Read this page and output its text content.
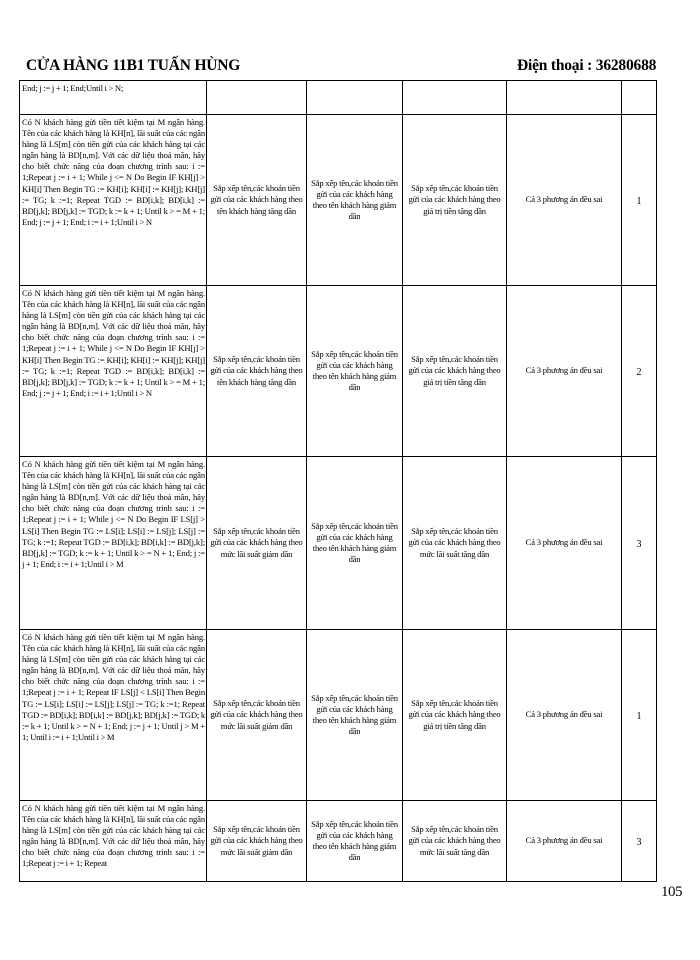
CỬA HÀNG 11B1 TUẤN HÙNG	Điện thoại : 36280688
End; j := j + 1; End;Until i > N;					

Có N khách hàng gửi tiền tiết kiệm tại M ngân hàng. Tên của các khách hàng là KH[n], lãi suất của các ngân hàng là LS[m] còn tiền gửi của các khách hàng tại các ngân hàng là BD[n,m]. Với các dữ liệu thoả mãn, hãy cho biết chức năng của đoạn chương trình sau: i := 1;Repeat j := i + 1; While j <= N Do Begin IF KH[j] > KH[i] Then Begin TG := KH[i]; KH[i] := KH[j]; KH[j] := TG; k :=1; Repeat TGD := BD[i,k]; BD[i,k] := BD[j,k]; BD[j,k] := TGD; k := k + 1; Until k > = M + 1; End; j := j + 1; End; i := i + 1;Until i > N	Sắp xếp tên,các khoản tiền gửi của các khách hàng theo tên khách hàng tăng dần	Sắp xếp tên,các khoản tiền gửi của các khách hàng theo tên khách hàng giảm dần	Sắp xếp tên,các khoản tiền gửi của các khách hàng theo giá trị tiền tăng dần	Cả 3 phương án đều sai	1

Có N khách hàng gửi tiền tiết kiệm tại M ngân hàng. Tên của các khách hàng là KH[n], lãi suất của các ngân hàng là LS[m] còn tiền gửi của các khách hàng tại các ngân hàng là BD[n,m]. Với các dữ liệu thoả mãn, hãy cho biết chức năng của đoạn chương trình sau: i := 1;Repeat j := i + 1; While j <= N Do Begin IF KH[j] > KH[i] Then Begin TG := KH[i]; KH[i] := KH[j]; KH[j] := TG; k :=1; Repeat TGD := BD[i,k]; BD[i,k] := BD[j,k]; BD[j,k] := TGD; k := k + 1; Until k > = M + 1; End; j := j + 1; End; i := i + 1;Until i > N	Sắp xếp tên,các khoản tiền gửi của các khách hàng theo tên khách hàng tăng dần	Sắp xếp tên,các khoản tiền gửi của các khách hàng theo tên khách hàng giảm dần	Sắp xếp tên,các khoản tiền gửi của các khách hàng theo giá trị tiền tăng dần	Cả 3 phương án đều sai	2

Có N khách hàng gửi tiền tiết kiệm tại M ngân hàng. Tên của các khách hàng là KH[n], lãi suất của các ngân hàng là LS[m] còn tiền gửi của các khách hàng tại các ngân hàng là BD[n,m]. Với các dữ liệu thoả mãn, hãy cho biết chức năng của đoạn chương trình sau: i := 1;Repeat j := i + 1; While j <= N Do Begin IF LS[j] > LS[i] Then Begin TG := LS[i]; LS[i] := LS[j]; LS[j] := TG; k :=1; Repeat TGD := BD[i,k]; BD[i,k] := BD[j,k]; BD[j,k] := TGD; k := k + 1; Until k > = N + 1; End; j := j + 1; End; i := i + 1;Until i > M	Sắp xếp tên,các khoản tiền gửi của các khách hàng theo mức lãi suất giảm dần	Sắp xếp tên,các khoản tiền gửi của các khách hàng theo tên khách hàng giảm dần	Sắp xếp tên,các khoản tiền gửi của các khách hàng theo mức lãi suất tăng dần	Cả 3 phương án đều sai	3

Có N khách hàng gửi tiền tiết kiệm tại M ngân hàng. Tên của các khách hàng là KH[n], lãi suất của các ngân hàng là LS[m] còn tiền gửi của các khách hàng tại các ngân hàng là BD[n,m]. Với các dữ liệu thoả mãn, hãy cho biết chức năng của đoạn chương trình sau: i := 1;Repeat j := i + 1; Repeat IF LS[j] < LS[i] Then Begin TG := LS[i]; LS[i] := LS[j]; LS[j] := TG; k :=1; Repeat TGD := BD[i,k]; BD[i,k] := BD[j,k]; BD[j,k] := TGD; k := k + 1; Until k > = N + 1; End; j := j + 1; Until j > M + 1; Until i := i + 1;Until i > M	Sắp xếp tên,các khoản tiền gửi của các khách hàng theo mức lãi suất giảm dần	Sắp xếp tên,các khoản tiền gửi của các khách hàng theo tên khách hàng giảm dần	Sắp xếp tên,các khoản tiền gửi của các khách hàng theo giá trị tiền tăng dần	Cả 3 phương án đều sai	1

Có N khách hàng gửi tiền tiết kiệm tại M ngân hàng. Tên của các khách hàng là KH[n], lãi suất của các ngân hàng là LS[m] còn tiền gửi của các khách hàng tại các ngân hàng là BD[n,m]. Với các dữ liệu thoả mãn, hãy cho biết chức năng của đoạn chương trình sau: i := 1;Repeat j := i + 1; Repeat	Sắp xếp tên,các khoản tiền gửi của các khách hàng theo mức lãi suất giảm dần	Sắp xếp tên,các khoản tiền gửi của các khách hàng theo tên khách hàng giảm dần	Sắp xếp tên,các khoản tiền gửi của các khách hàng theo mức lãi suất tăng dần	Cả 3 phương án đều sai	3
105
